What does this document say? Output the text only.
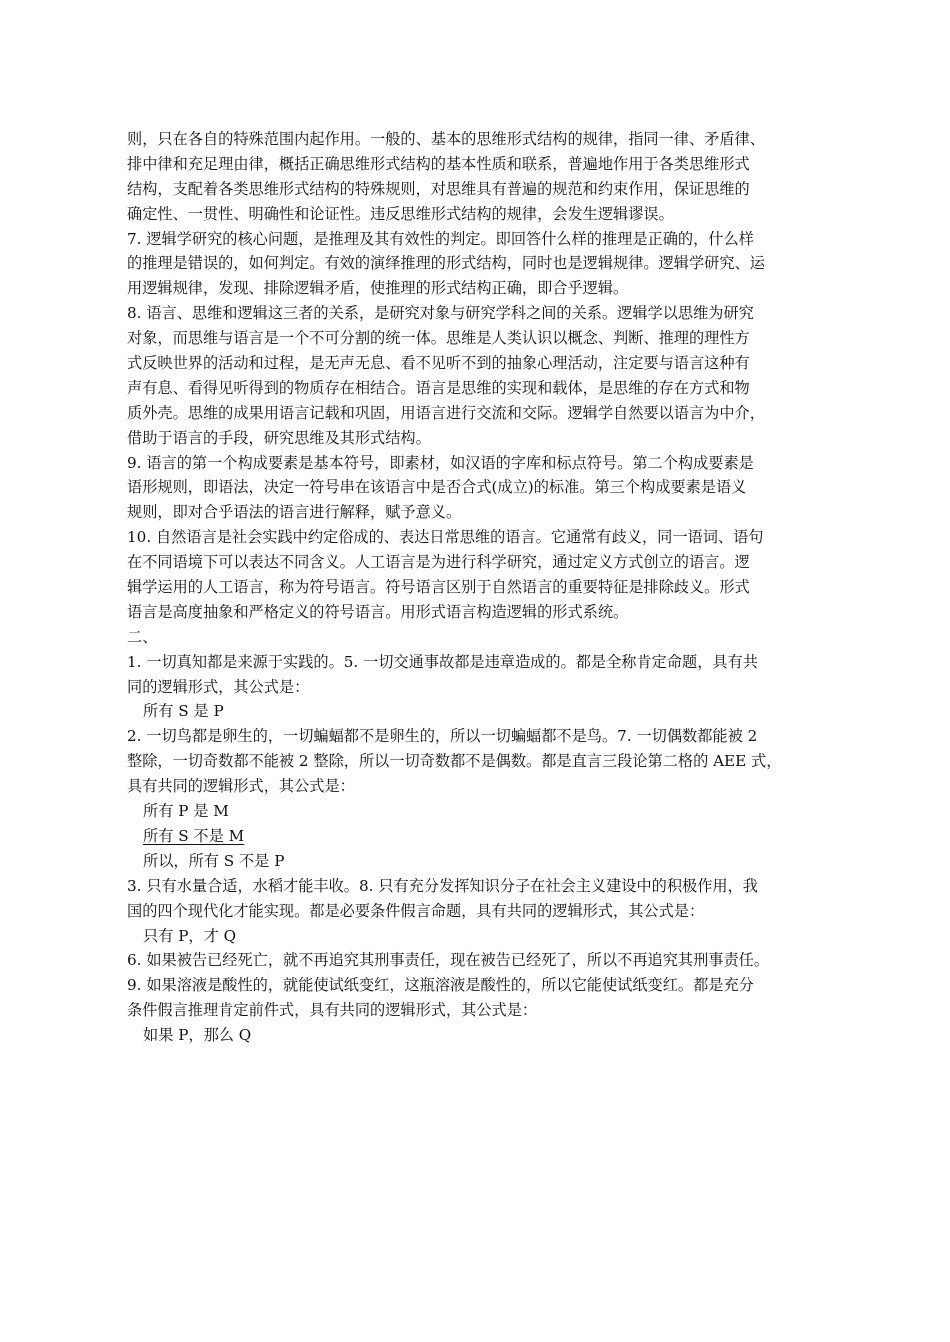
则，只在各自的特殊范围内起作用。一般的、基本的思维形式结构的规律，指同一律、矛盾律、
排中律和充足理由律，概括正确思维形式结构的基本性质和联系，普遍地作用于各类思维形式
结构，支配着各类思维形式结构的特殊规则，对思维具有普遍的规范和约束作用，保证思维的
确定性、一贯性、明确性和论证性。违反思维形式结构的规律，会发生逻辑谬误。
7. 逻辑学研究的核心问题，是推理及其有效性的判定。即回答什么样的推理是正确的，什么样
的推理是错误的，如何判定。有效的演绎推理的形式结构，同时也是逻辑规律。逻辑学研究、运
用逻辑规律，发现、排除逻辑矛盾，使推理的形式结构正确，即合乎逻辑。
8. 语言、思维和逻辑这三者的关系，是研究对象与研究学科之间的关系。逻辑学以思维为研究
对象，而思维与语言是一个不可分割的统一体。思维是人类认识以概念、判断、推理的理性方
式反映世界的活动和过程，是无声无息、看不见听不到的抽象心理活动，注定要与语言这种有
声有息、看得见听得到的物质存在相结合。语言是思维的实现和载体，是思维的存在方式和物
质外壳。思维的成果用语言记载和巩固，用语言进行交流和交际。逻辑学自然要以语言为中介，
借助于语言的手段，研究思维及其形式结构。
9. 语言的第一个构成要素是基本符号，即素材，如汉语的字库和标点符号。第二个构成要素是
语形规则，即语法，决定一符号串在该语言中是否合式(成立)的标准。第三个构成要素是语义
规则，即对合乎语法的语言进行解释，赋予意义。
10. 自然语言是社会实践中约定俗成的、表达日常思维的语言。它通常有歧义，同一语词、语句
在不同语境下可以表达不同含义。人工语言是为进行科学研究，通过定义方式创立的语言。逻
辑学运用的人工语言，称为符号语言。符号语言区别于自然语言的重要特征是排除歧义。形式
语言是高度抽象和严格定义的符号语言。用形式语言构造逻辑的形式系统。
二、
1. 一切真知都是来源于实践的。5. 一切交通事故都是违章造成的。都是全称肯定命题，具有共
同的逻辑形式，其公式是：
所有 S 是 P
2. 一切鸟都是卵生的，一切蝙蝠都不是卵生的，所以一切蝙蝠都不是鸟。7. 一切偶数都能被 2
整除，一切奇数都不能被 2 整除，所以一切奇数都不是偶数。都是直言三段论第二格的 AEE 式，
具有共同的逻辑形式，其公式是：
所有 P 是 M
所有 S 不是 M
所以，所有 S 不是 P
3. 只有水量合适，水稻才能丰收。8. 只有充分发挥知识分子在社会主义建设中的积极作用，我
国的四个现代化才能实现。都是必要条件假言命题，具有共同的逻辑形式，其公式是：
只有 P，才 Q
6. 如果被告已经死亡，就不再追究其刑事责任，现在被告已经死了，所以不再追究其刑事责任。
9. 如果溶液是酸性的，就能使试纸变红，这瓶溶液是酸性的，所以它能使试纸变红。都是充分
条件假言推理肯定前件式，具有共同的逻辑形式，其公式是：
如果 P，那么 Q
